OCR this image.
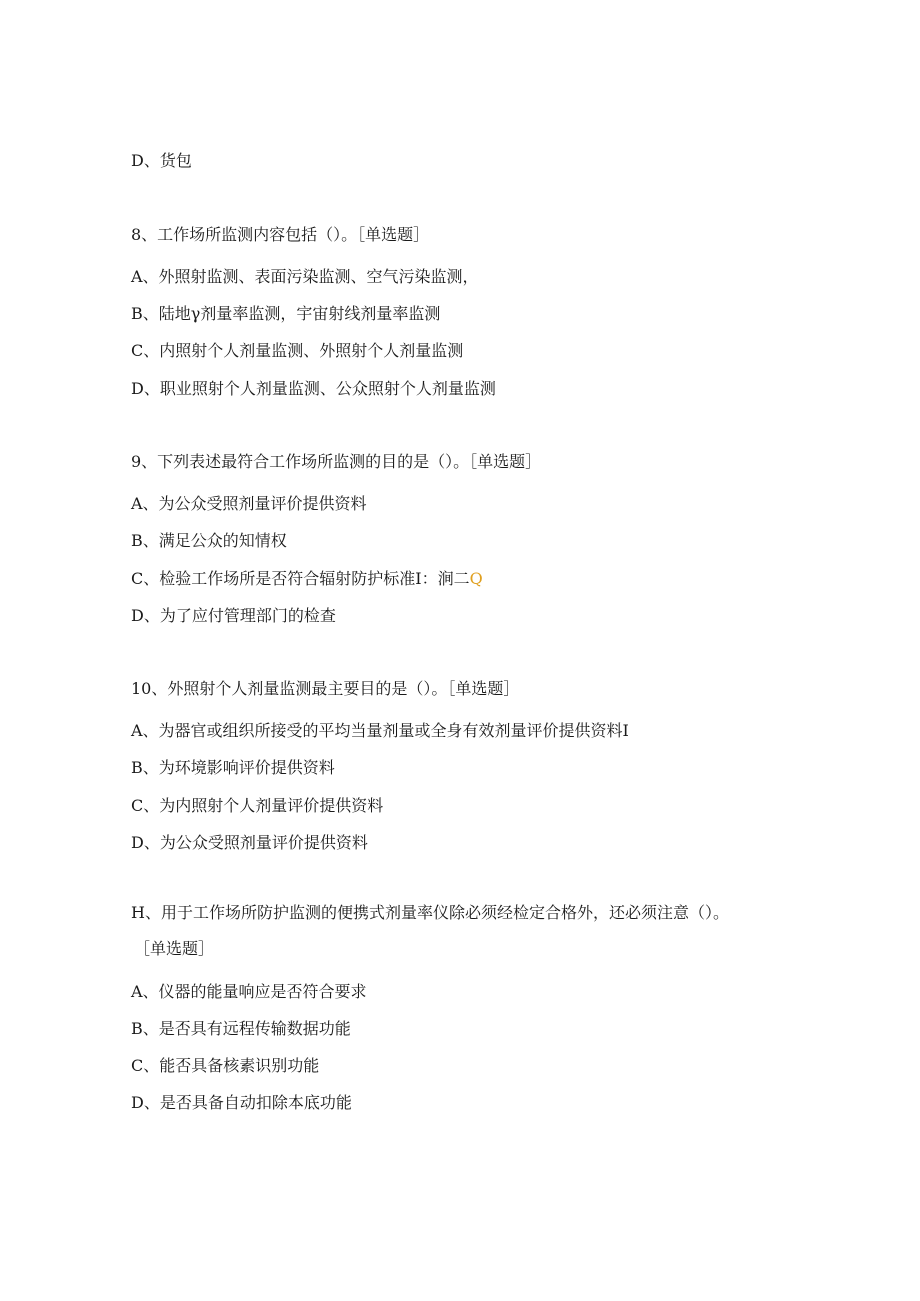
D、货包
8、工作场所监测内容包括（）。［单选题］
A、外照射监测、表面污染监测、空气污染监测，
B、陆地γ剂量率监测，宇宙射线剂量率监测
C、内照射个人剂量监测、外照射个人剂量监测
D、职业照射个人剂量监测、公众照射个人剂量监测
9、下列表述最符合工作场所监测的目的是（）。［单选题］
A、为公众受照剂量评价提供资料
B、满足公众的知情权
C、检验工作场所是否符合辐射防护标准I：涧二Q
D、为了应付管理部门的检查
10、外照射个人剂量监测最主要目的是（）。［单选题］
A、为器官或组织所接受的平均当量剂量或全身有效剂量评价提供资料I
B、为环境影响评价提供资料
C、为内照射个人剂量评价提供资料
D、为公众受照剂量评价提供资料
H、用于工作场所防护监测的便携式剂量率仪除必须经检定合格外，还必须注意（）。
［单选题］
A、仪器的能量响应是否符合要求
B、是否具有远程传输数据功能
C、能否具备核素识别功能
D、是否具备自动扣除本底功能
